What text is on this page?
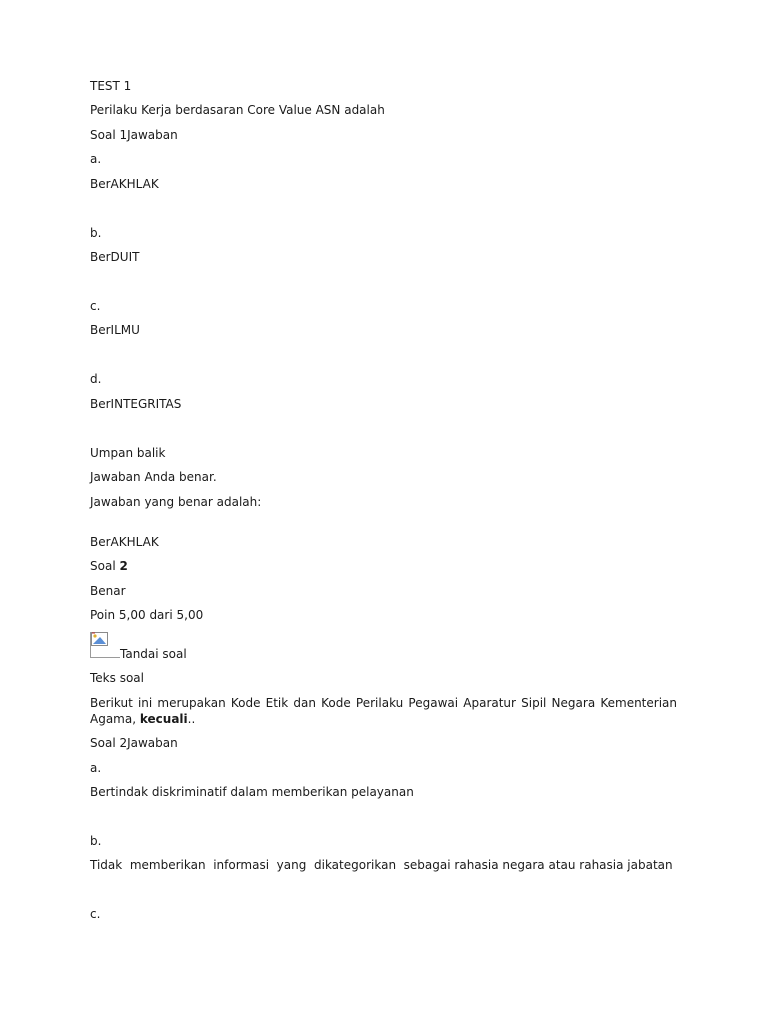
TEST 1
Perilaku Kerja berdasaran Core Value ASN adalah
Soal 1Jawaban
a.
BerAKHLAK
b.
BerDUIT
c.
BerILMU
d.
BerINTEGRITAS
Umpan balik
Jawaban Anda benar.
Jawaban yang benar adalah:
BerAKHLAK
Soal 2
Benar
Poin 5,00 dari 5,00
Tandai soal
Teks soal
Berikut ini merupakan Kode Etik dan Kode Perilaku Pegawai Aparatur Sipil Negara Kementerian Agama, kecuali..
Soal 2Jawaban
a.
Bertindak diskriminatif dalam memberikan pelayanan
b.
Tidak  memberikan  informasi  yang  dikategorikan  sebagai rahasia negara atau rahasia jabatan
c.
